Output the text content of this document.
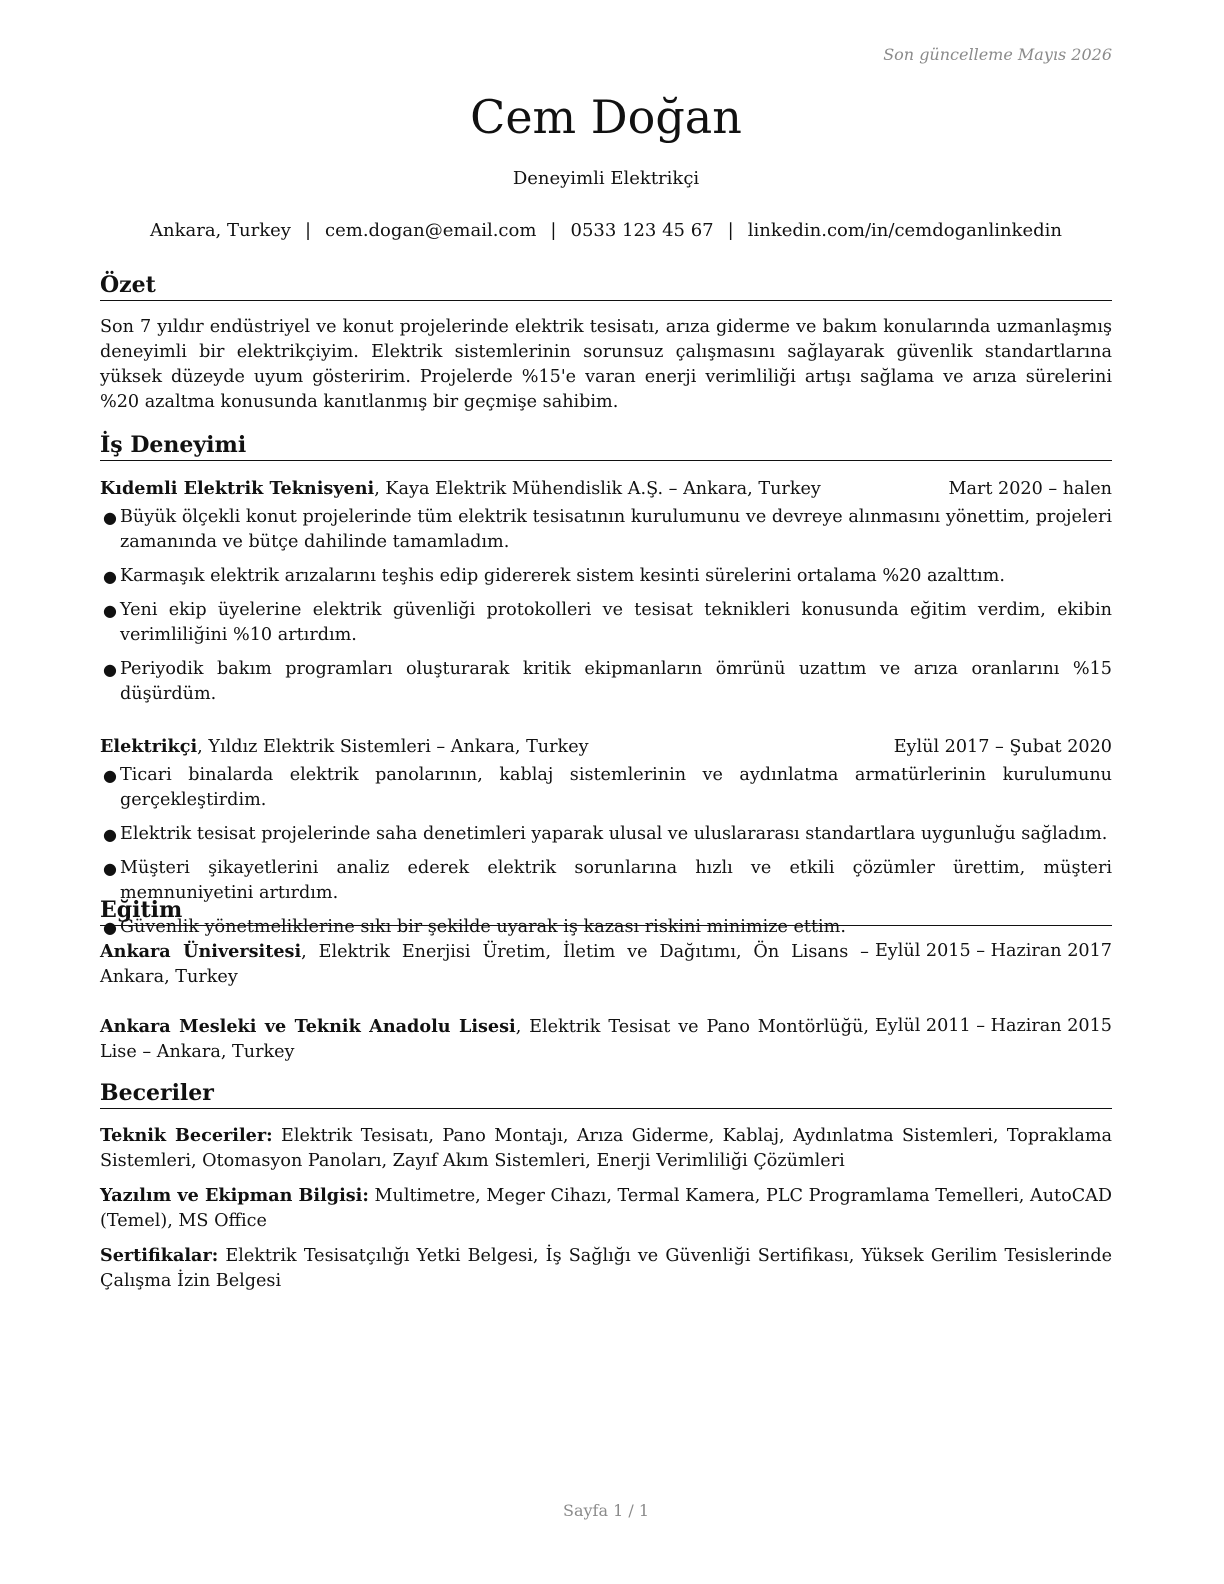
Son güncelleme Mayıs 2026
Cem Doğan
Deneyimli Elektrikçi
Ankara, Turkey | cem.dogan@email.com | 0533 123 45 67 | linkedin.com/in/cemdoganlinkedin
Özet
Son 7 yıldır endüstriyel ve konut projelerinde elektrik tesisatı, arıza giderme ve bakım konularında uzmanlaşmış deneyimli bir elektrikçiyim. Elektrik sistemlerinin sorunsuz çalışmasını sağlayarak güvenlik standartlarına yüksek düzeyde uyum gösteririm. Projelerde %15'e varan enerji verimliliği artışı sağlama ve arıza sürelerini %20 azaltma konusunda kanıtlanmış bir geçmişe sahibim.
İş Deneyimi
Kıdemli Elektrik Teknisyeni, Kaya Elektrik Mühendislik A.Ş. – Ankara, Turkey	Mart 2020 – halen
● Büyük ölçekli konut projelerinde tüm elektrik tesisatının kurulumunu ve devreye alınmasını yönettim, projeleri zamanında ve bütçe dahilinde tamamladım.
● Karmaşık elektrik arızalarını teşhis edip gidererek sistem kesinti sürelerini ortalama %20 azalttım.
● Yeni ekip üyelerine elektrik güvenliği protokolleri ve tesisat teknikleri konusunda eğitim verdim, ekibin verimliliğini %10 artırdım.
● Periyodik bakım programları oluşturarak kritik ekipmanların ömrünü uzattım ve arıza oranlarını %15 düşürdüm.
Elektrikçi, Yıldız Elektrik Sistemleri – Ankara, Turkey	Eylül 2017 – Şubat 2020
● Ticari binalarda elektrik panolarının, kablaj sistemlerinin ve aydınlatma armatürlerinin kurulumunu gerçekleştirdim.
● Elektrik tesisat projelerinde saha denetimleri yaparak ulusal ve uluslararası standartlara uygunluğu sağladım.
● Müşteri şikayetlerini analiz ederek elektrik sorunlarına hızlı ve etkili çözümler ürettim, müşteri memnuniyetini artırdım.
● Güvenlik yönetmeliklerine sıkı bir şekilde uyarak iş kazası riskini minimize ettim.
Eğitim
Ankara Üniversitesi, Elektrik Enerjisi Üretim, İletim ve Dağıtımı, Ön Lisans – Ankara, Turkey
Eylül 2015 – Haziran 2017
Ankara Mesleki ve Teknik Anadolu Lisesi, Elektrik Tesisat ve Pano Montörlüğü, Lise – Ankara, Turkey
Eylül 2011 – Haziran 2015
Beceriler
Teknik Beceriler: Elektrik Tesisatı, Pano Montajı, Arıza Giderme, Kablaj, Aydınlatma Sistemleri, Topraklama Sistemleri, Otomasyon Panoları, Zayıf Akım Sistemleri, Enerji Verimliliği Çözümleri
Yazılım ve Ekipman Bilgisi: Multimetre, Meger Cihazı, Termal Kamera, PLC Programlama Temelleri, AutoCAD (Temel), MS Office
Sertifikalar: Elektrik Tesisatçılığı Yetki Belgesi, İş Sağlığı ve Güvenliği Sertifikası, Yüksek Gerilim Tesislerinde Çalışma İzin Belgesi
Sayfa 1 / 1
